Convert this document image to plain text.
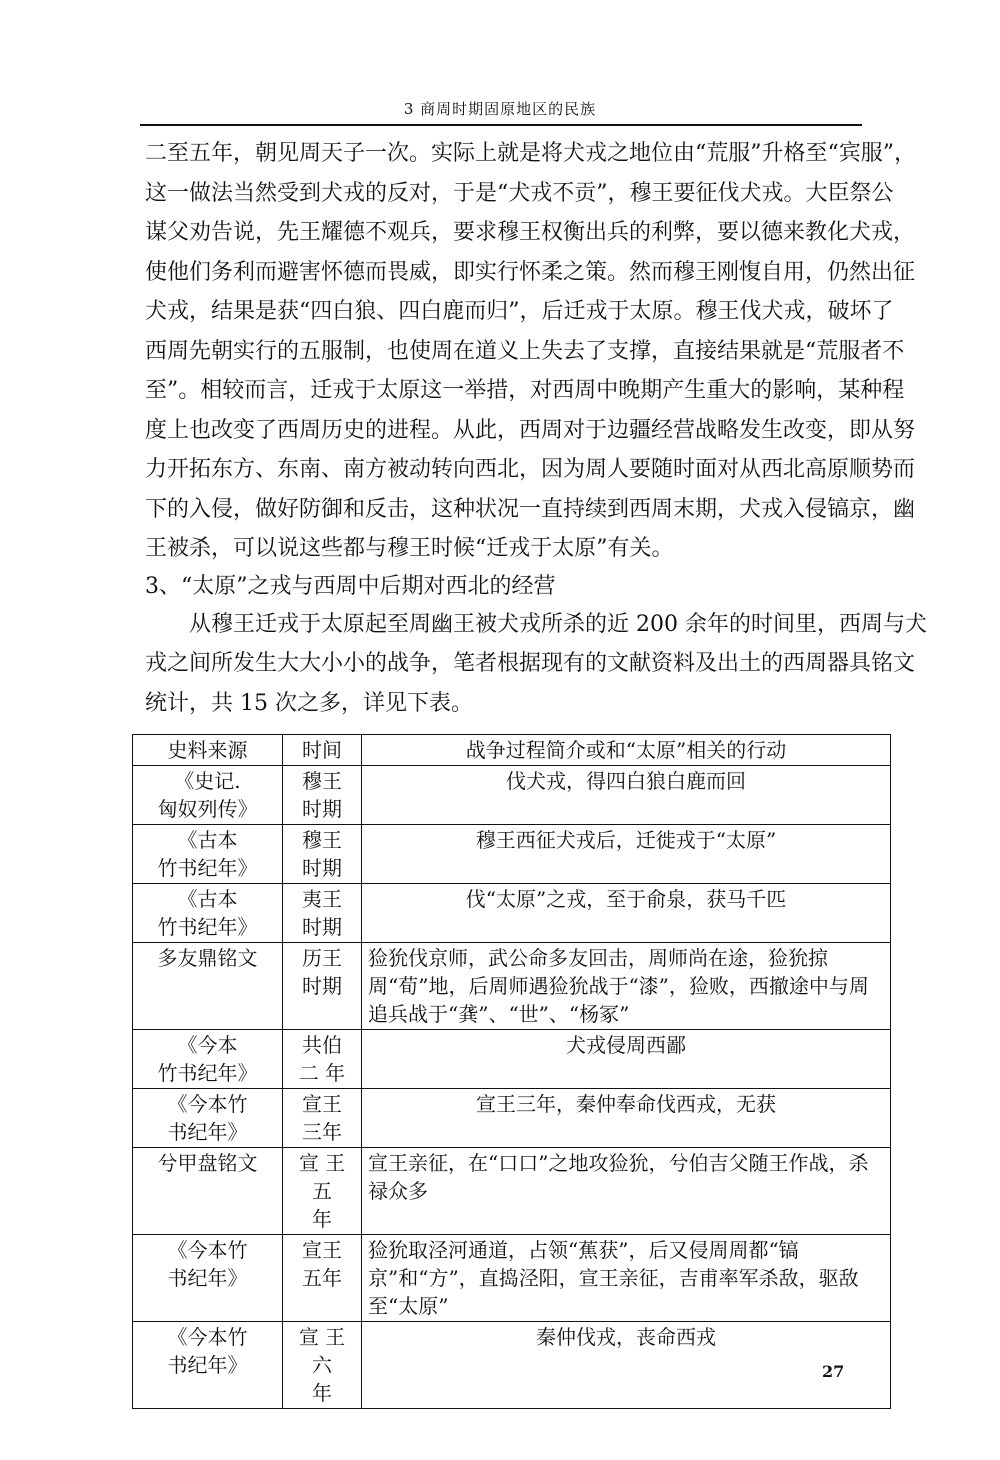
3 商周时期固原地区的民族

二至五年，朝见周天子一次。实际上就是将犬戎之地位由“荒服”升格至“宾服”，
这一做法当然受到犬戎的反对，于是“犬戎不贡”，穆王要征伐犬戎。大臣祭公
谋父劝告说，先王耀德不观兵，要求穆王权衡出兵的利弊，要以德来教化犬戎，
使他们务利而避害怀德而畏威，即实行怀柔之策。然而穆王刚愎自用，仍然出征
犬戎，结果是获“四白狼、四白鹿而归”，后迁戎于太原。穆王伐犬戎，破坏了
西周先朝实行的五服制，也使周在道义上失去了支撑，直接结果就是“荒服者不
至”。相较而言，迁戎于太原这一举措，对西周中晚期产生重大的影响，某种程
度上也改变了西周历史的进程。从此，西周对于边疆经营战略发生改变，即从努
力开拓东方、东南、南方被动转向西北，因为周人要随时面对从西北高原顺势而
下的入侵，做好防御和反击，这种状况一直持续到西周末期，犬戎入侵镐京，幽
王被杀，可以说这些都与穆王时候“迁戎于太原”有关。

3、“太原”之戎与西周中后期对西北的经营

从穆王迁戎于太原起至周幽王被犬戎所杀的近 200 余年的时间里，西周与犬
戎之间所发生大大小小的战争，笔者根据现有的文献资料及出土的西周器具铭文
统计，共 15 次之多，详见下表。

史料来源	时间	战争过程简介或和“太原”相关的行动
《史记.
匈奴列传》	穆王
时期	伐犬戎，得四白狼白鹿而回
《古本
竹书纪年》	穆王
时期	穆王西征犬戎后，迁徙戎于“太原”
《古本
竹书纪年》	夷王
时期	伐“太原”之戎，至于俞泉，获马千匹
多友鼎铭文	历王
时期	猃狁伐京师，武公命多友回击，周师尚在途，猃狁掠周“荀”地，后周师遇猃狁战于“漆”，猃败，西撤途中与周追兵战于“龚”、“世”、“杨冢”
《今本
竹书纪年》	共伯
二 年	犬戎侵周西鄙
《今本竹
书纪年》	宣王
三年	宣王三年，秦仲奉命伐西戎，无获
兮甲盘铭文	宣 王 五
年	宣王亲征，在“口口”之地攻猃狁，兮伯吉父随王作战，杀禄众多
《今本竹
书纪年》	宣王
五年	猃狁取泾河通道，占领“蕉获”，后又侵周周都“镐京”和“方”，直捣泾阳，宣王亲征，吉甫率军杀敌，驱敌至“太原”
《今本竹
书纪年》	宣 王 六
年	秦仲伐戎，丧命西戎
27
